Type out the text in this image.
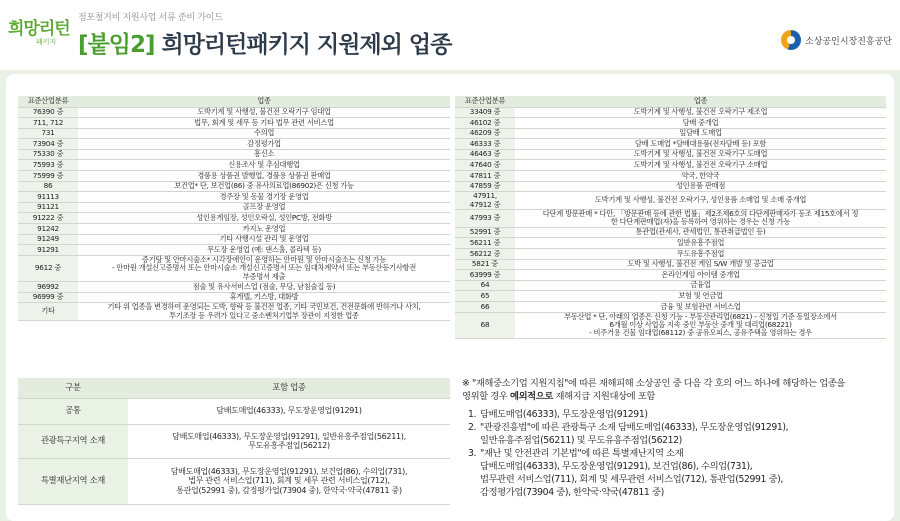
희망리턴
패키지
점포철거비 지원사업 서류 준비 가이드
[붙임2] 희망리턴패키지 지원제외 업종	소상공인시장진흥공단
표준산업분류	업종
76390 중	도박기계 및 사행성, 불건전 오락기구 임대업
711, 712	법무, 회계 및 세무 등 기타 법무 관련 서비스업
731	수의업
73904 중	감정평가업
75330 중	흥신소
75993 중	신용조사 및 추심대행업
75999 중	경품용 상품권 발행업, 경품용 상품권 판매업
86	보건업* 단, 보건업(86) 중 유사의료업(86902)은 신청 가능
91113	경주장 및 동물 경기장 운영업
91121	골프장 운영업
91222 중	성인용게임장, 성인오락실, 성인PC방, 전화방
91242	카지노 운영업
91249	기타 사행시설 관리 및 운영업
91291	무도장 운영업 (예: 댄스홀, 콜라텍 등)
9612 중	증기탕 및 안마시술소* 시각장애인이 운영하는 안마원 및 안마시술소는 신청 가능
- 안마원 개설신고증명서 또는 안마시술소 개설신고증명서 또는 임대차계약서 또는 부동산등기사항전
부증명서 제출
96992	점술 및 유사서비스업 (점술, 무당, 남침술집 등)
96999 중	휴게텔, 키스방, 대화방
기타	기타 위 업종을 변경하여 운영되는 도박, 향락 등 불건전 업종, 기타 국민보건, 건전문화에 반하거나 사치,
투기조장 등 우려가 있다고 중소벤처기업부 장관이 지정한 업종
표준산업분류	업종
33409 중	도박기계 및 사행성, 불건전 오락기구 제조업
46102 중	담배 중개업
46209 중	잎담배 도매업
46333 중	담배 도매업 *담배대용품(전자담배 등) 포함
46463 중	도박기계 및 사행성, 불건전 오락기구 도매업
47640 중	도박기계 및 사행성, 불건전 오락기구 소매업
47811 중	약국, 한약국
47859 중	성인용품 판매점
47911,
47912 중	도박기계 및 사행성, 불건전 오락기구, 성인용품 소매업 및 소매 중개업
47993 중	다단계 방문판매 * 다만, 「방문판매 등에 관한 법률」제2조제6호의 다단계판매자가 동조 제15호에서 정
한 다단계판매업(자)을 등록하여 영위하는 경우는 신청 가능
52991 중	통관업(관세사, 관세법인, 통관취급법인 등)
56211 중	일반유흥주점업
56212 중	무도유흥주점업
5821 중	도박 및 사행성, 불건전 게임 S/W 개발 및 공급업
63999 중	온라인게임 아이템 중개업
64	금융업
65	보험 및 연금업
66	금융 및 보험관련 서비스업
68	부동산업 * 단, 아래의 업종은 신청 가능 - 부동산관리업(6821) - 신청일 기준 동일장소에서
6개월 이상 사업을 지속 중인 부동산 중개 및 대리업(68221)
- 비주거용 건물 임대업(68112) 중 공유오피스, 공유주택을 영위하는 경우
구분	포함 업종
공통	담배도매업(46333), 무도장운영업(91291)
관광특구지역 소재	담배도매업(46333), 무도장운영업(91291), 일반유흥주점업(56211),
무도유흥주점업(56212)
특별재난지역 소재	담배도매업(46333), 무도장운영업(91291), 보건업(86), 수의업(731),
법무 관련 서비스업(711), 회계 및 세무 관련 서비스업(712),
통관업(52991 중), 감정평가업(73904 중), 한약국·약국(47811 중)
※ "재해중소기업 지원지침"에 따른 재해피해 소상공인 중 다음 각 호의 어느 하나에 해당하는 업종을
영위할 경우 예외적으로 재해지급 지원대상에 포함
1. 담배도매업(46333), 무도장운영업(91291)
2. "관광진흥법"에 따른 관광특구 소재 담배도매업(46333), 무도장운영업(91291),
일반유흥주점업(56211) 및 무도유흥주점업(56212)
3. "재난 및 안전관리 기본법"에 따른 특별재난지역 소재
담배도매업(46333), 무도장운영업(91291), 보건업(86), 수의업(731),
법무관련 서비스업(711), 회계 및 세무관련 서비스업(712), 통관업(52991 중),
감정평가업(73904 중), 한약국·약국(47811 중)
